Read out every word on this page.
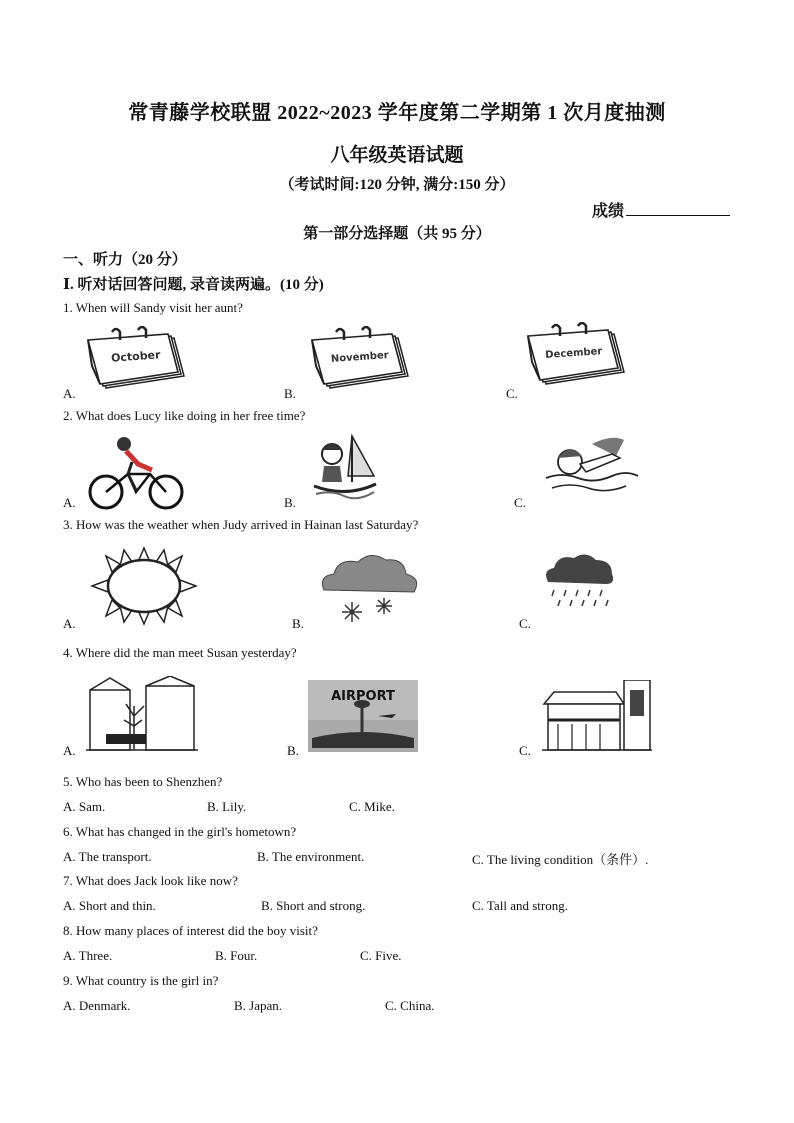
常青藤学校联盟 2022~2023 学年度第二学期第 1 次月度抽测
八年级英语试题
（考试时间:120 分钟, 满分:150 分）
成绩
第一部分选择题（共 95 分）
一、听力（20 分）
Ⅰ. 听对话回答问题, 录音读两遍。(10 分)
1. When will Sandy visit her aunt?
October
A.
November
B.
December
C.
2. What does Lucy like doing in her free time?
A.	B.	C.
3. How was the weather when Judy arrived in Hainan last Saturday?
A.	B.	C.
4. Where did the man meet Susan yesterday?
A.
AIRPORT
B.	C.
5. Who has been to Shenzhen?
A. Sam.	B. Lily.	C. Mike.
6. What has changed in the girl's hometown?
A. The transport.	B. The environment.	C. The living condition（条件）.
7. What does Jack look like now?
A. Short and thin.	B. Short and strong.	C. Tall and strong.
8. How many places of interest did the boy visit?
A. Three.	B. Four.	C. Five.
9. What country is the girl in?
A. Denmark.	B. Japan.	C. China.
